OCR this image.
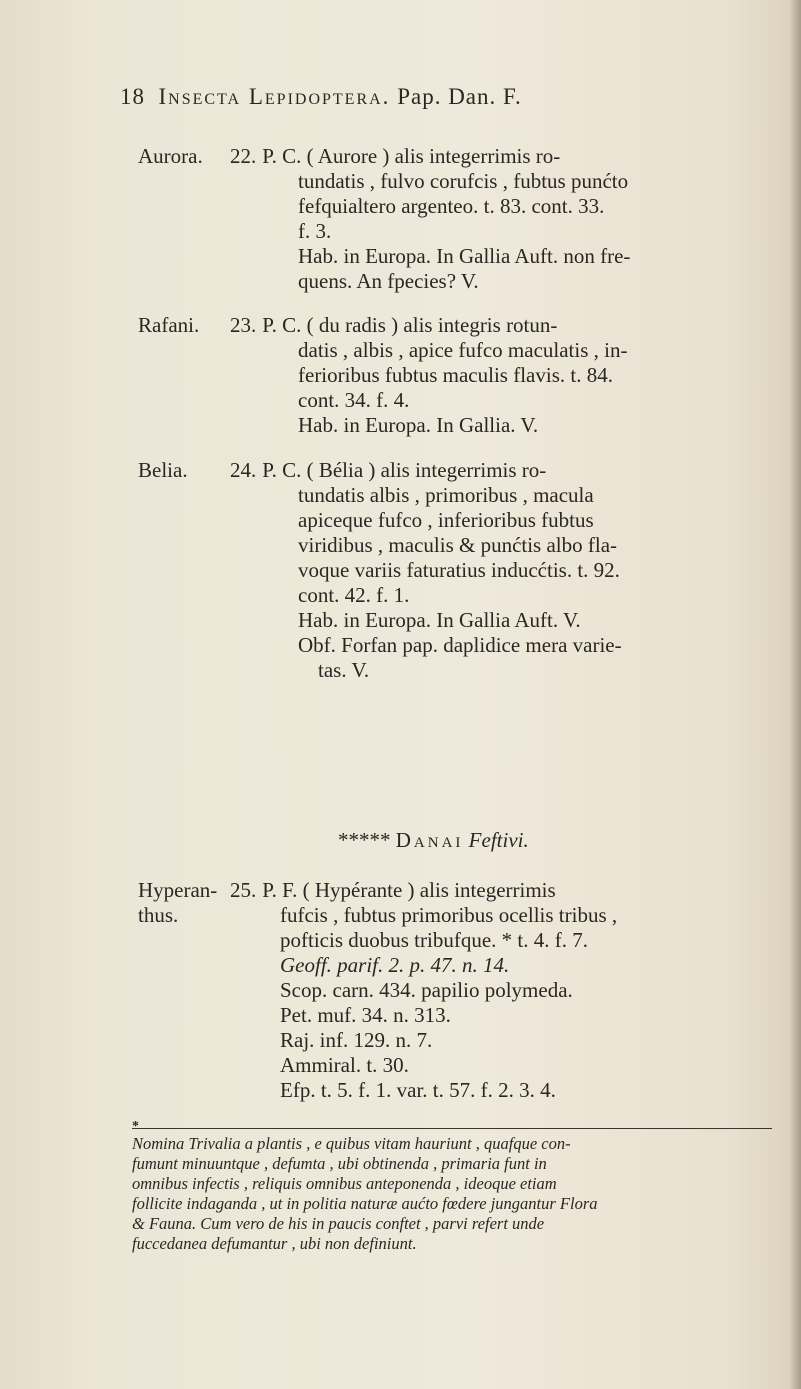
18 Insecta Lepidoptera. Pap. Dan. F.
Aurora. 22. P. C. ( Aurore ) alis integerrimis ro-

tundatis , fulvo corufcis , fubtus punćto

fefquialtero argenteo. t. 83. cont. 33.

f. 3.

Hab. in Europa. In Gallia Auft. non fre-

quens. An fpecies? V.

Rafani. 23. P. C. ( du radis ) alis integris rotun-

datis , albis , apice fufco maculatis , in-

ferioribus fubtus maculis flavis. t. 84.

cont. 34. f. 4.

Hab. in Europa. In Gallia. V.

Belia. 24. P. C. ( Bélia ) alis integerrimis ro-

tundatis albis , primoribus , macula

apiceque fufco , inferioribus fubtus

viridibus , maculis & punćtis albo fla-

voque variis faturatius inducćtis. t. 92.

cont. 42. f. 1.

Hab. in Europa. In Gallia Auft. V.

Obf. Forfan pap. daplidice mera varie-

tas. V.

***** Danai Feftivi.
Hyperan-
thus.

25. P. F. ( Hypérante ) alis integerrimis

fufcis , fubtus primoribus ocellis tribus ,

pofticis duobus tribufque. * t. 4. f. 7.

Geoff. parif. 2. p. 47. n. 14.

Scop. carn. 434. papilio polymeda.

Pet. muf. 34. n. 313.

Raj. inf. 129. n. 7.

Ammiral. t. 30.

Efp. t. 5. f. 1. var. t. 57. f. 2. 3. 4.

*

Nomina Trivalia a plantis , e quibus vitam hauriunt , quafque con-

fumunt minuuntque , defumta , ubi obtinenda , primaria funt in

omnibus infectis , reliquis omnibus anteponenda , ideoque etiam

follicite indaganda , ut in politia naturæ aućto fœdere jungantur Flora

& Fauna. Cum vero de his in paucis conftet , parvi refert unde

fuccedanea defumantur , ubi non definiunt.
